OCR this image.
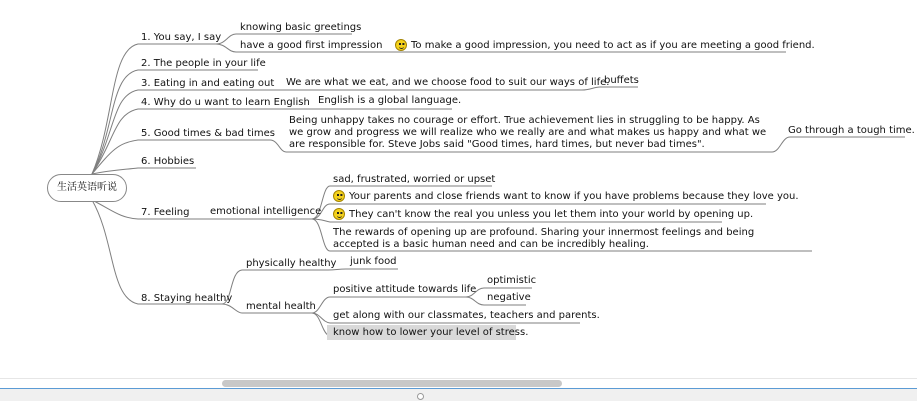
生活英语听说
1. You say, I say
knowing basic greetings
have a good first impression	To make a good impression, you need to act as if you are meeting a good friend.
2. The people in your life
3. Eating in and eating out We are what we eat, and we choose food to suit our ways of life.
buffets
4. Why do u want to learn English English is a global language.
5. Good times & bad times
Being unhappy takes no courage or effort. True achievement lies in struggling to be happy. As we grow and progress we will realize who we really are and what makes us happy and what we are responsible for. Steve Jobs said "Good times, hard times, but never bad times".
Go through a tough time.
6. Hobbies
7. Feeling emotional intelligence
sad, frustrated, worried or upset
Your parents and close friends want to know if you have problems because they love you.
They can't know the real you unless you let them into your world by opening up.
The rewards of opening up are profound. Sharing your innermost feelings and being accepted is a basic human need and can be incredibly healing.
8. Staying healthy
physically healthy junk food
mental health
positive attitude towards life
optimistic
negative
get along with our classmates, teachers and parents.
know how to lower your level of stress.
